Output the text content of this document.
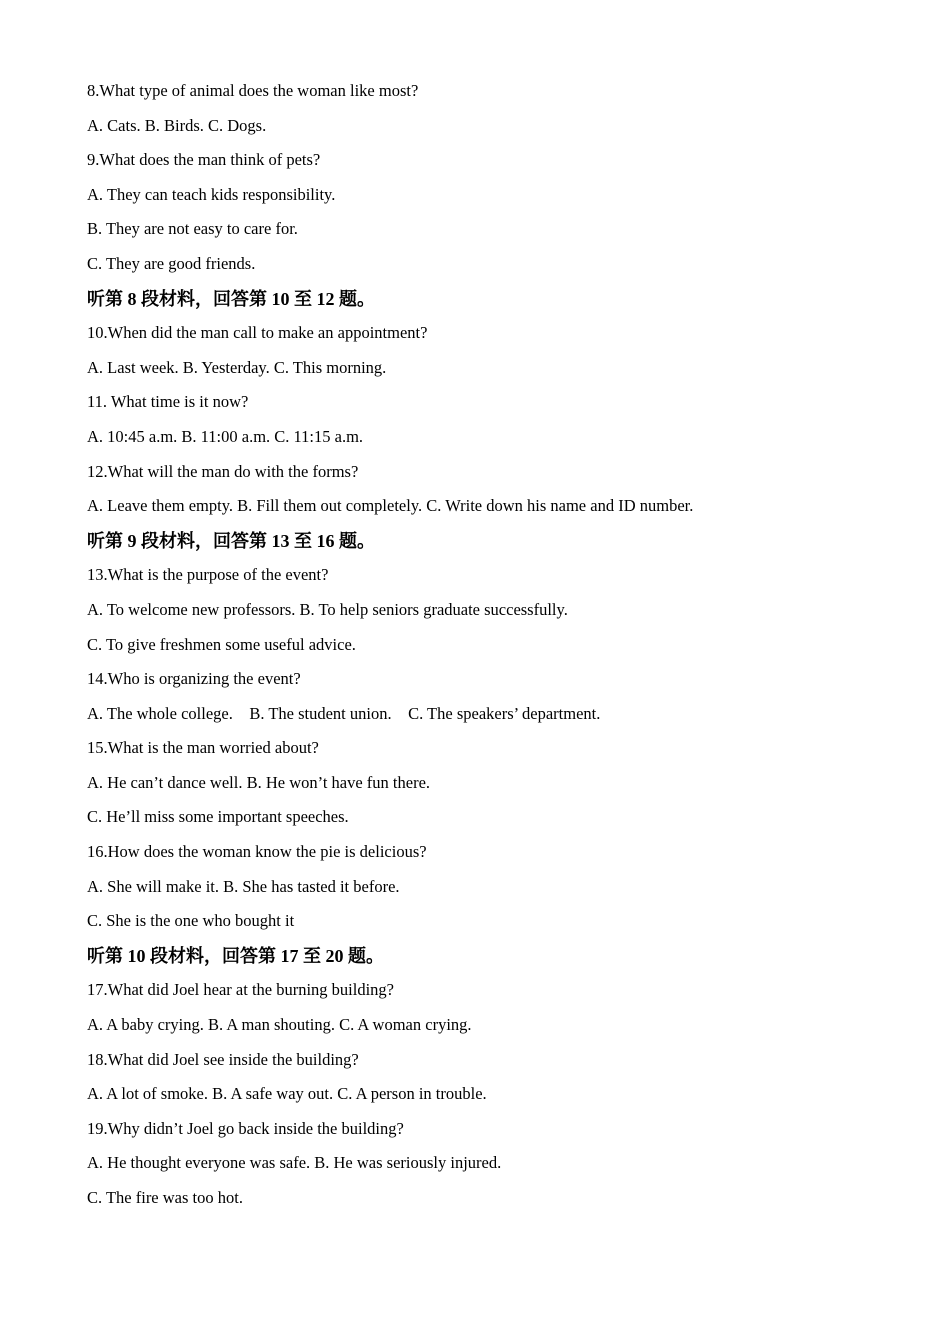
8.What type of animal does the woman like most?
A. Cats. B. Birds. C. Dogs.
9.What does the man think of pets?
A. They can teach kids responsibility.
B. They are not easy to care for.
C. They are good friends.
听第 8 段材料，回答第 10 至 12 题。
10.When did the man call to make an appointment?
A. Last week. B. Yesterday. C. This morning.
11. What time is it now?
A. 10:45 a.m. B. 11:00 a.m. C. 11:15 a.m.
12.What will the man do with the forms?
A. Leave them empty. B. Fill them out completely. C. Write down his name and ID number.
听第 9 段材料，回答第 13 至 16 题。
13.What is the purpose of the event?
A. To welcome new professors. B. To help seniors graduate successfully.
C. To give freshmen some useful advice.
14.Who is organizing the event?
A. The whole college.    B. The student union.    C. The speakers’ department.
15.What is the man worried about?
A. He can’t dance well. B. He won’t have fun there.
C. He’ll miss some important speeches.
16.How does the woman know the pie is delicious?
A. She will make it. B. She has tasted it before.
C. She is the one who bought it
听第 10 段材料，回答第 17 至 20 题。
17.What did Joel hear at the burning building?
A. A baby crying. B. A man shouting. C. A woman crying.
18.What did Joel see inside the building?
A. A lot of smoke. B. A safe way out. C. A person in trouble.
19.Why didn’t Joel go back inside the building?
A. He thought everyone was safe. B. He was seriously injured.
C. The fire was too hot.
